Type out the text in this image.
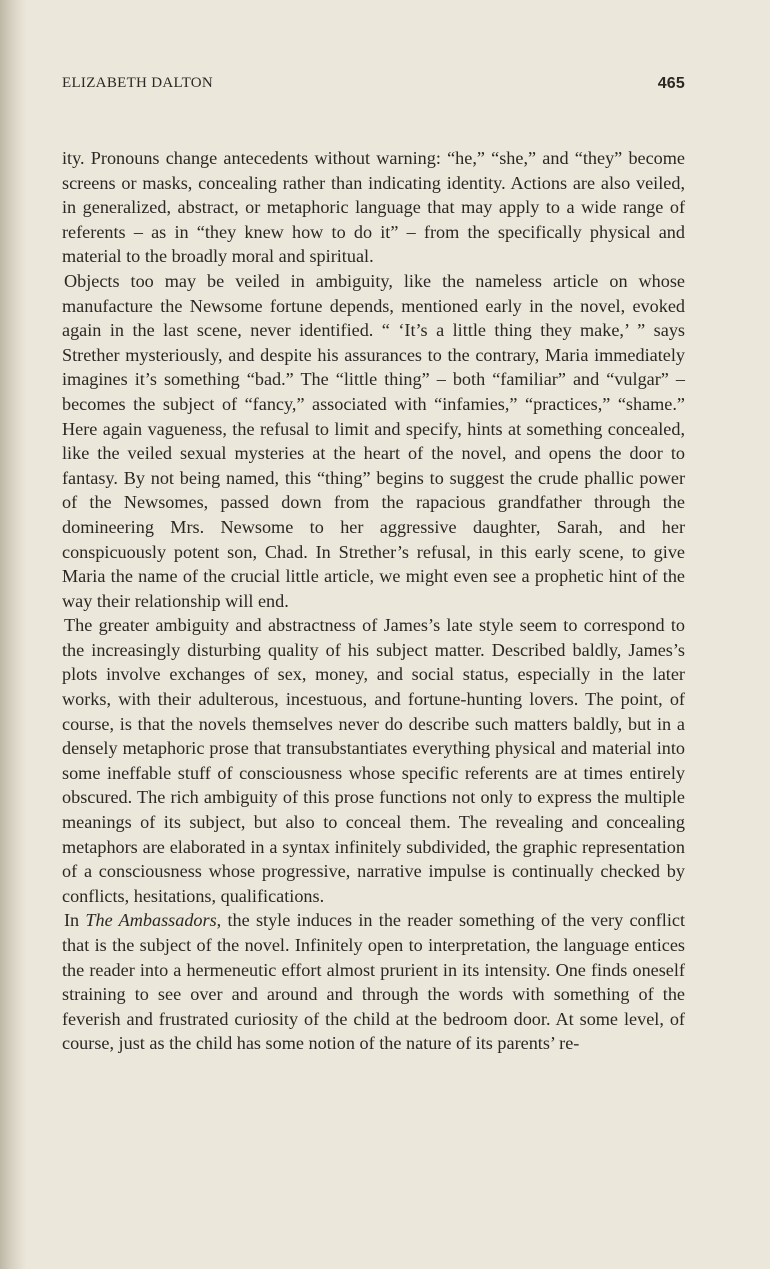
ELIZABETH DALTON	465

ity. Pronouns change antecedents without warning: “he,” “she,” and “they” become screens or masks, concealing rather than indicating identity. Actions are also veiled, in generalized, abstract, or metaphoric language that may apply to a wide range of referents – as in “they knew how to do it” – from the specifically physical and material to the broadly moral and spiritual.

Objects too may be veiled in ambiguity, like the nameless article on whose manufacture the Newsome fortune depends, mentioned early in the novel, evoked again in the last scene, never identified. “ ‘It’s a little thing they make,’ ” says Strether mysteriously, and despite his assurances to the contrary, Maria immediately imagines it’s something “bad.” The “little thing” – both “familiar” and “vulgar” – becomes the subject of “fancy,” associated with “infamies,” “practices,” “shame.” Here again vagueness, the refusal to limit and specify, hints at something concealed, like the veiled sexual mysteries at the heart of the novel, and opens the door to fantasy. By not being named, this “thing” begins to suggest the crude phallic power of the Newsomes, passed down from the rapacious grandfather through the domineering Mrs. Newsome to her aggressive daughter, Sarah, and her conspicuously potent son, Chad. In Strether’s refusal, in this early scene, to give Maria the name of the crucial little article, we might even see a prophetic hint of the way their relationship will end.

The greater ambiguity and abstractness of James’s late style seem to correspond to the increasingly disturbing quality of his subject matter. Described baldly, James’s plots involve exchanges of sex, money, and social status, especially in the later works, with their adulterous, incestuous, and fortune-hunting lovers. The point, of course, is that the novels themselves never do describe such matters baldly, but in a densely metaphoric prose that transubstantiates everything physical and material into some ineffable stuff of consciousness whose specific referents are at times entirely obscured. The rich ambiguity of this prose functions not only to express the multiple meanings of its subject, but also to conceal them. The revealing and concealing metaphors are elaborated in a syntax infinitely subdivided, the graphic representation of a consciousness whose progressive, narrative impulse is continually checked by conflicts, hesitations, qualifications.

In The Ambassadors, the style induces in the reader something of the very conflict that is the subject of the novel. Infinitely open to interpretation, the language entices the reader into a hermeneutic effort almost prurient in its intensity. One finds oneself straining to see over and around and through the words with something of the feverish and frustrated curiosity of the child at the bedroom door. At some level, of course, just as the child has some notion of the nature of its parents’ re-
